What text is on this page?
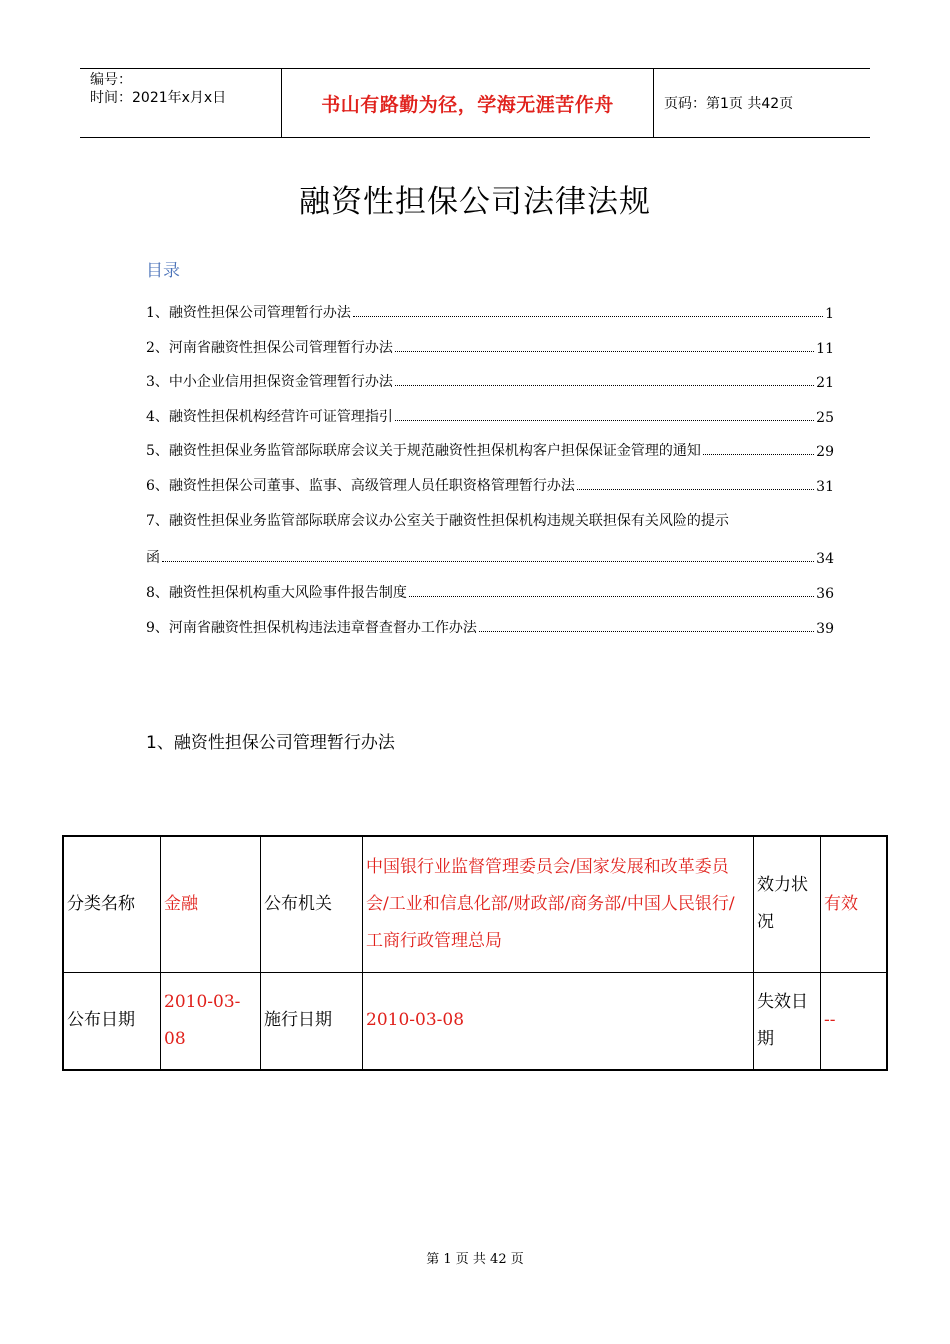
编号：
时间：2021年x月x日	书山有路勤为径，学海无涯苦作舟	页码：第1页 共42页
融资性担保公司法律法规
目录
1、融资性担保公司管理暂行办法	1
2、河南省融资性担保公司管理暂行办法	11
3、中小企业信用担保资金管理暂行办法	21
4、融资性担保机构经营许可证管理指引	25
5、融资性担保业务监管部际联席会议关于规范融资性担保机构客户担保保证金管理的通知	29
6、融资性担保公司董事、监事、高级管理人员任职资格管理暂行办法	31
7、融资性担保业务监管部际联席会议办公室关于融资性担保机构违规关联担保有关风险的提示
函	34
8、融资性担保机构重大风险事件报告制度	36
9、河南省融资性担保机构违法违章督查督办工作办法	39
1、融资性担保公司管理暂行办法
分类名称	金融	公布机关	中国银行业监督管理委员会/国家发展和改革委员会/工业和信息化部/财政部/商务部/中国人民银行/工商行政管理总局	效力状况	有效
公布日期	2010-03-08	施行日期	2010-03-08	失效日期	--
第 1 页 共 42 页
